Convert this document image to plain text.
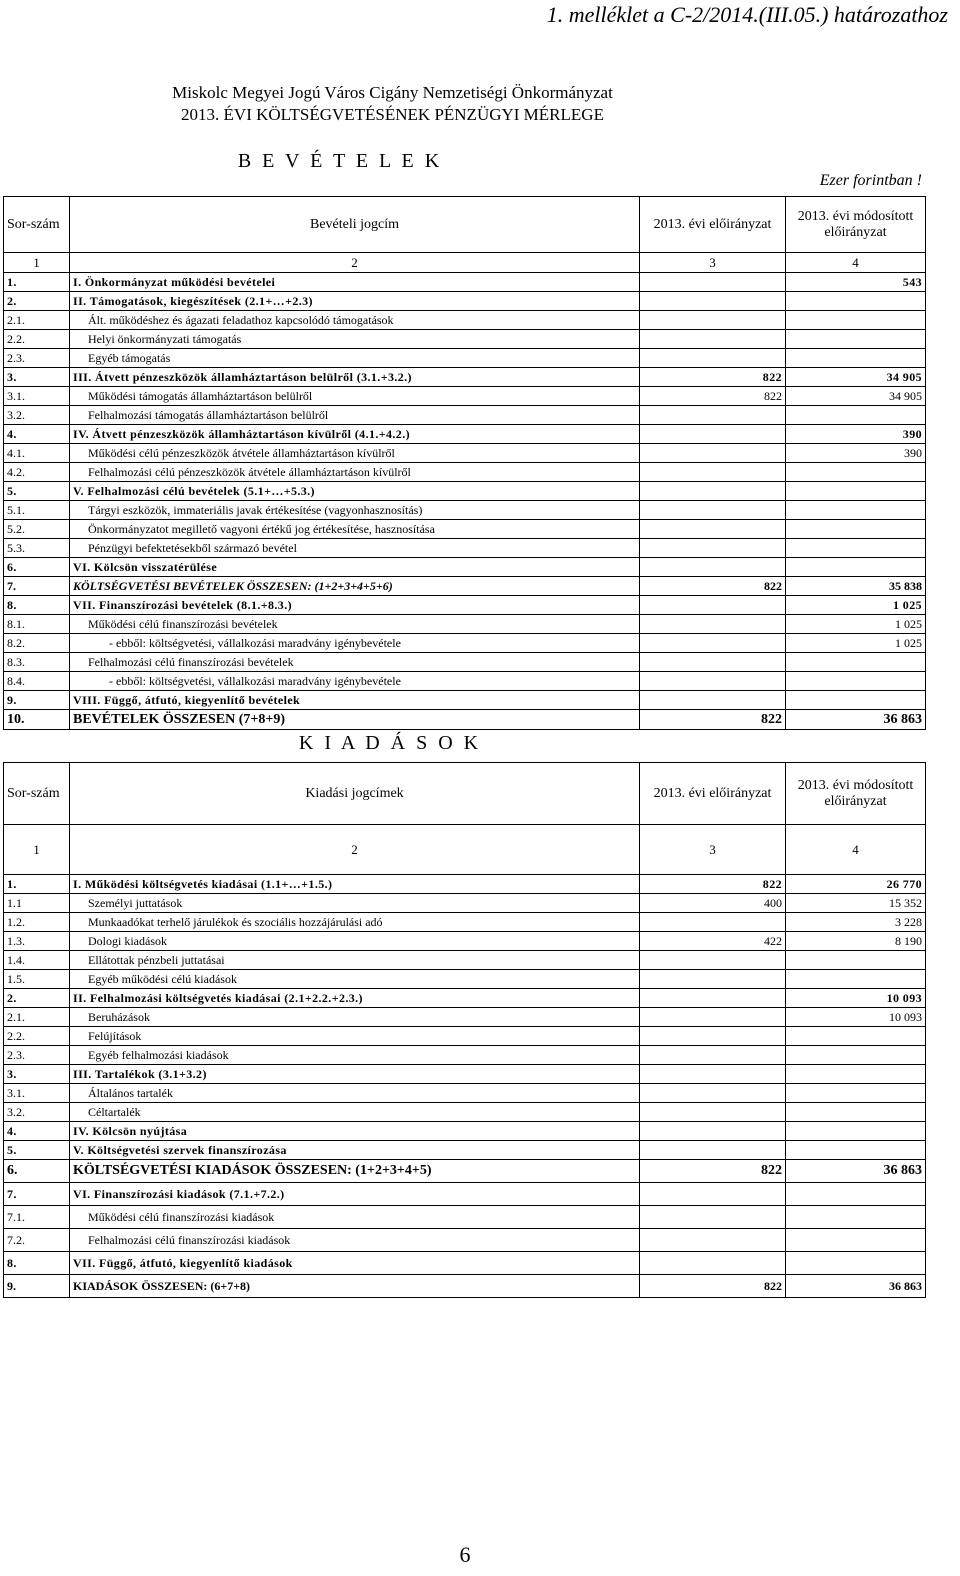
1. melléklet a C-2/2014.(III.05.) határozathoz
Miskolc Megyei Jogú Város Cigány Nemzetiségi Önkormányzat
2013. ÉVI KÖLTSÉGVETÉSÉNEK PÉNZÜGYI MÉRLEGE
B E V É T E L E K
Ezer forintban !
Sor-szám	Bevételi jogcím	2013. évi előirányzat	2013. évi módosított előirányzat
1	2	3	4
1.	I. Önkormányzat működési bevételei		543
2.	II. Támogatások, kiegészítések (2.1+…+2.3)		
2.1.	Ált. működéshez és ágazati feladathoz kapcsolódó támogatások		
2.2.	Helyi önkormányzati támogatás		
2.3.	Egyéb támogatás		
3.	III. Átvett pénzeszközök államháztartáson belülről (3.1.+3.2.)	822	34 905
3.1.	Működési támogatás államháztartáson belülről	822	34 905
3.2.	Felhalmozási támogatás államháztartáson belülről		
4.	IV. Átvett pénzeszközök államháztartáson kívülről (4.1.+4.2.)		390
4.1.	Működési célú pénzeszközök átvétele államháztartáson kívülről		390
4.2.	Felhalmozási célú pénzeszközök átvétele államháztartáson kívülről		
5.	V. Felhalmozási célú bevételek (5.1+…+5.3.)		
5.1.	Tárgyi eszközök, immateriális javak értékesítése (vagyonhasznosítás)		
5.2.	Önkormányzatot megillető vagyoni értékű jog értékesítése, hasznosítása		
5.3.	Pénzügyi befektetésekből származó bevétel		
6.	VI. Kölcsön visszatérülése		
7.	KÖLTSÉGVETÉSI BEVÉTELEK ÖSSZESEN: (1+2+3+4+5+6)	822	35 838
8.	VII. Finanszírozási bevételek (8.1.+8.3.)		1 025
8.1.	Működési célú finanszírozási bevételek		1 025
8.2.	- ebből: költségvetési, vállalkozási maradvány igénybevétele		1 025
8.3.	Felhalmozási célú finanszírozási bevételek		
8.4.	- ebből: költségvetési, vállalkozási maradvány igénybevétele		
9.	VIII. Függő, átfutó, kiegyenlítő bevételek		
10.	BEVÉTELEK ÖSSZESEN (7+8+9)	822	36 863
K I A D Á S O K
Sor-szám	Kiadási jogcímek	2013. évi előirányzat	2013. évi módosított előirányzat
1	2	3	4
1.	I. Működési költségvetés kiadásai (1.1+…+1.5.)	822	26 770
1.1	Személyi juttatások	400	15 352
1.2.	Munkaadókat terhelő járulékok és szociális hozzájárulási adó		3 228
1.3.	Dologi kiadások	422	8 190
1.4.	Ellátottak pénzbeli juttatásai		
1.5.	Egyéb működési célú kiadások		
2.	II. Felhalmozási költségvetés kiadásai (2.1+2.2.+2.3.)		10 093
2.1.	Beruházások		10 093
2.2.	Felújítások		
2.3.	Egyéb felhalmozási kiadások		
3.	III. Tartalékok (3.1+3.2)		
3.1.	Általános tartalék		
3.2.	Céltartalék		
4.	IV. Kölcsön nyújtása		
5.	V. Költségvetési szervek finanszírozása		
6.	KÖLTSÉGVETÉSI KIADÁSOK ÖSSZESEN: (1+2+3+4+5)	822	36 863
7.	VI. Finanszírozási kiadások (7.1.+7.2.)		
7.1.	Működési célú finanszírozási kiadások		
7.2.	Felhalmozási célú finanszírozási kiadások		
8.	VII. Függő, átfutó, kiegyenlítő kiadások		
9.	KIADÁSOK ÖSSZESEN: (6+7+8)	822	36 863
6
